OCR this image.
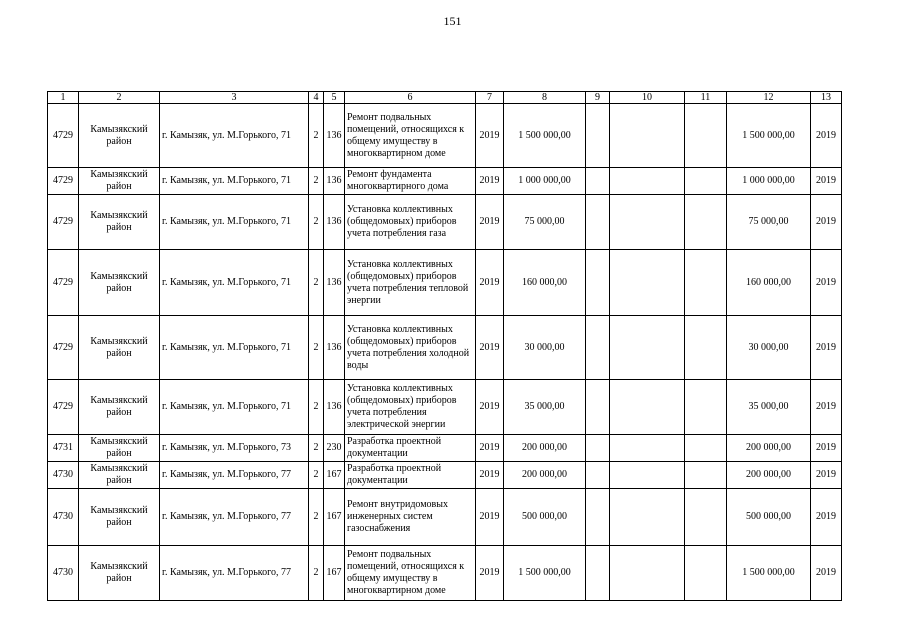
151
1	2	3	4	5	6	7	8	9	10	11	12	13
4729	Камызякский район	г. Камызяк, ул. М.Горького, 71	2	136	Ремонт подвальных помещений, относящихся к общему имуществу в многоквартирном доме	2019	1 500 000,00				1 500 000,00	2019
4729	Камызякский район	г. Камызяк, ул. М.Горького, 71	2	136	Ремонт фундамента многоквартирного дома	2019	1 000 000,00				1 000 000,00	2019
4729	Камызякский район	г. Камызяк, ул. М.Горького, 71	2	136	Установка коллективных (общедомовых) приборов учета потребления газа	2019	75 000,00				75 000,00	2019
4729	Камызякский район	г. Камызяк, ул. М.Горького, 71	2	136	Установка коллективных (общедомовых) приборов учета потребления тепловой энергии	2019	160 000,00				160 000,00	2019
4729	Камызякский район	г. Камызяк, ул. М.Горького, 71	2	136	Установка коллективных (общедомовых) приборов учета потребления холодной воды	2019	30 000,00				30 000,00	2019
4729	Камызякский район	г. Камызяк, ул. М.Горького, 71	2	136	Установка коллективных (общедомовых) приборов учета потребления электрической энергии	2019	35 000,00				35 000,00	2019
4731	Камызякский район	г. Камызяк, ул. М.Горького, 73	2	230	Разработка проектной документации	2019	200 000,00				200 000,00	2019
4730	Камызякский район	г. Камызяк, ул. М.Горького, 77	2	167	Разработка проектной документации	2019	200 000,00				200 000,00	2019
4730	Камызякский район	г. Камызяк, ул. М.Горького, 77	2	167	Ремонт внутридомовых инженерных систем газоснабжения	2019	500 000,00				500 000,00	2019
4730	Камызякский район	г. Камызяк, ул. М.Горького, 77	2	167	Ремонт подвальных помещений, относящихся к общему имуществу в многоквартирном доме	2019	1 500 000,00				1 500 000,00	2019
